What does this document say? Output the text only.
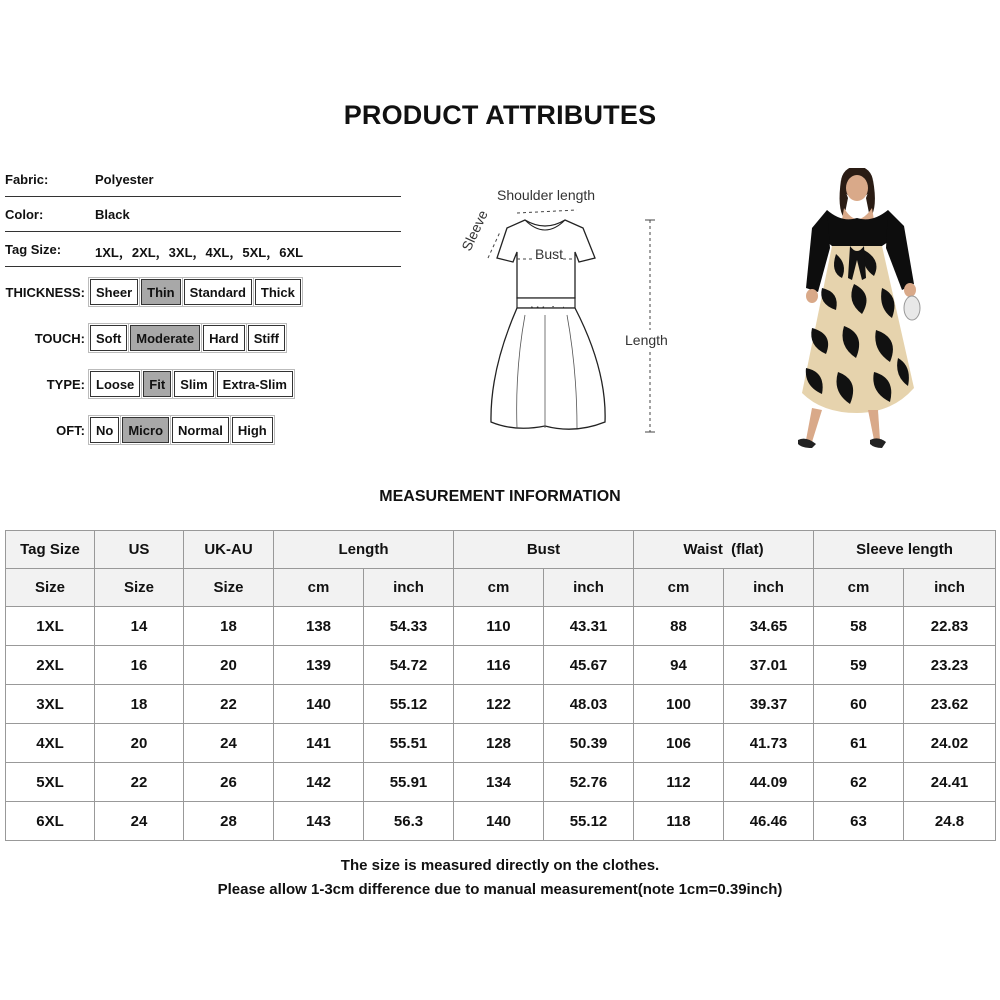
PRODUCT ATTRIBUTES
Fabric:	Polyester
Color:	Black
Tag Size:	1XL，2XL，3XL，4XL，5XL，6XL
THICKNESS: Sheer	Thin	Standard	Thick
TOUCH: Soft	Moderate	Hard	Stiff
TYPE: Loose	Fit	Slim	Extra-Slim
OFT: No	Micro	Normal	High
Shoulder length
Sleeve
Bust
Length
MEASUREMENT INFORMATION
Tag Size	US	UK-AU	Length		Bust		Waist  (flat)		Sleeve length	
Size	Size	Size	cm	inch	cm	inch	cm	inch	cm	inch
1XL	14	18	138	54.33	110	43.31	88	34.65	58	22.83
2XL	16	20	139	54.72	116	45.67	94	37.01	59	23.23
3XL	18	22	140	55.12	122	48.03	100	39.37	60	23.62
4XL	20	24	141	55.51	128	50.39	106	41.73	61	24.02
5XL	22	26	142	55.91	134	52.76	112	44.09	62	24.41
6XL	24	28	143	56.3	140	55.12	118	46.46	63	24.8
The size is measured directly on the clothes.
Please allow 1-3cm difference due to manual measurement(note 1cm=0.39inch)
